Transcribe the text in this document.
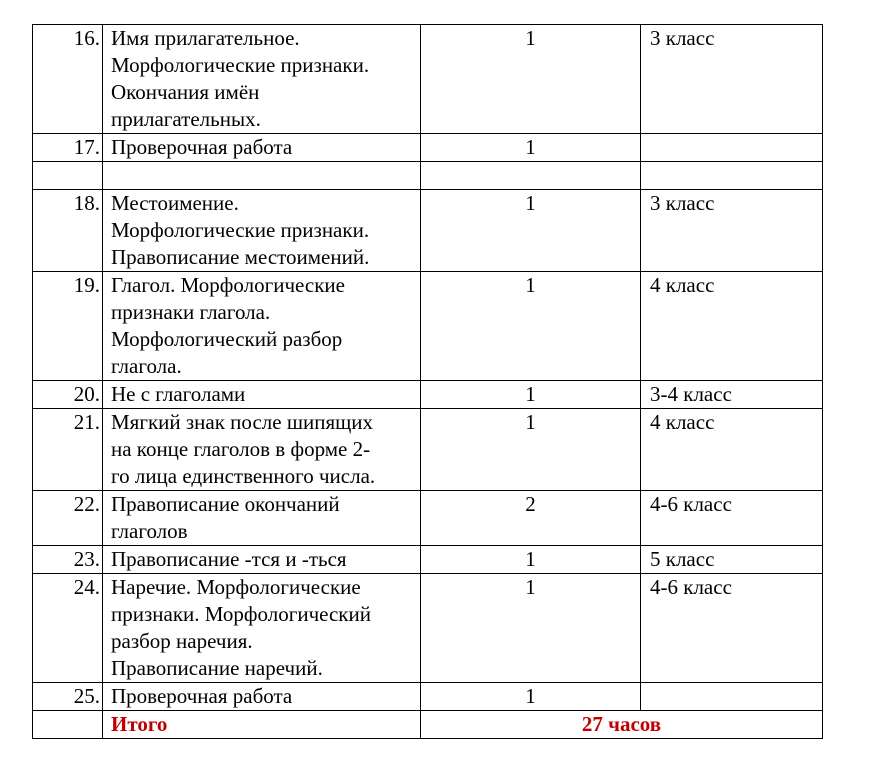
16.	Имя прилагательное.
Морфологические признаки.
Окончания имён
прилагательных.	1	3 класс
17.	Проверочная работа	1	

18.	Местоимение.
Морфологические признаки.
Правописание местоимений.	1	3 класс
19.	Глагол. Морфологические
признаки глагола.
Морфологический разбор
глагола.	1	4 класс
20.	Не с глаголами	1	3-4 класс
21.	Мягкий знак после шипящих
на конце глаголов в форме 2-
го лица единственного числа.	1	4 класс
22.	Правописание окончаний
глаголов	2	4-6 класс
23.	Правописание -тся и -ться	1	5 класс
24.	Наречие. Морфологические
признаки. Морфологический
разбор наречия.
Правописание наречий.	1	4-6 класс
25.	Проверочная работа	1	
	Итого	27 часов	
